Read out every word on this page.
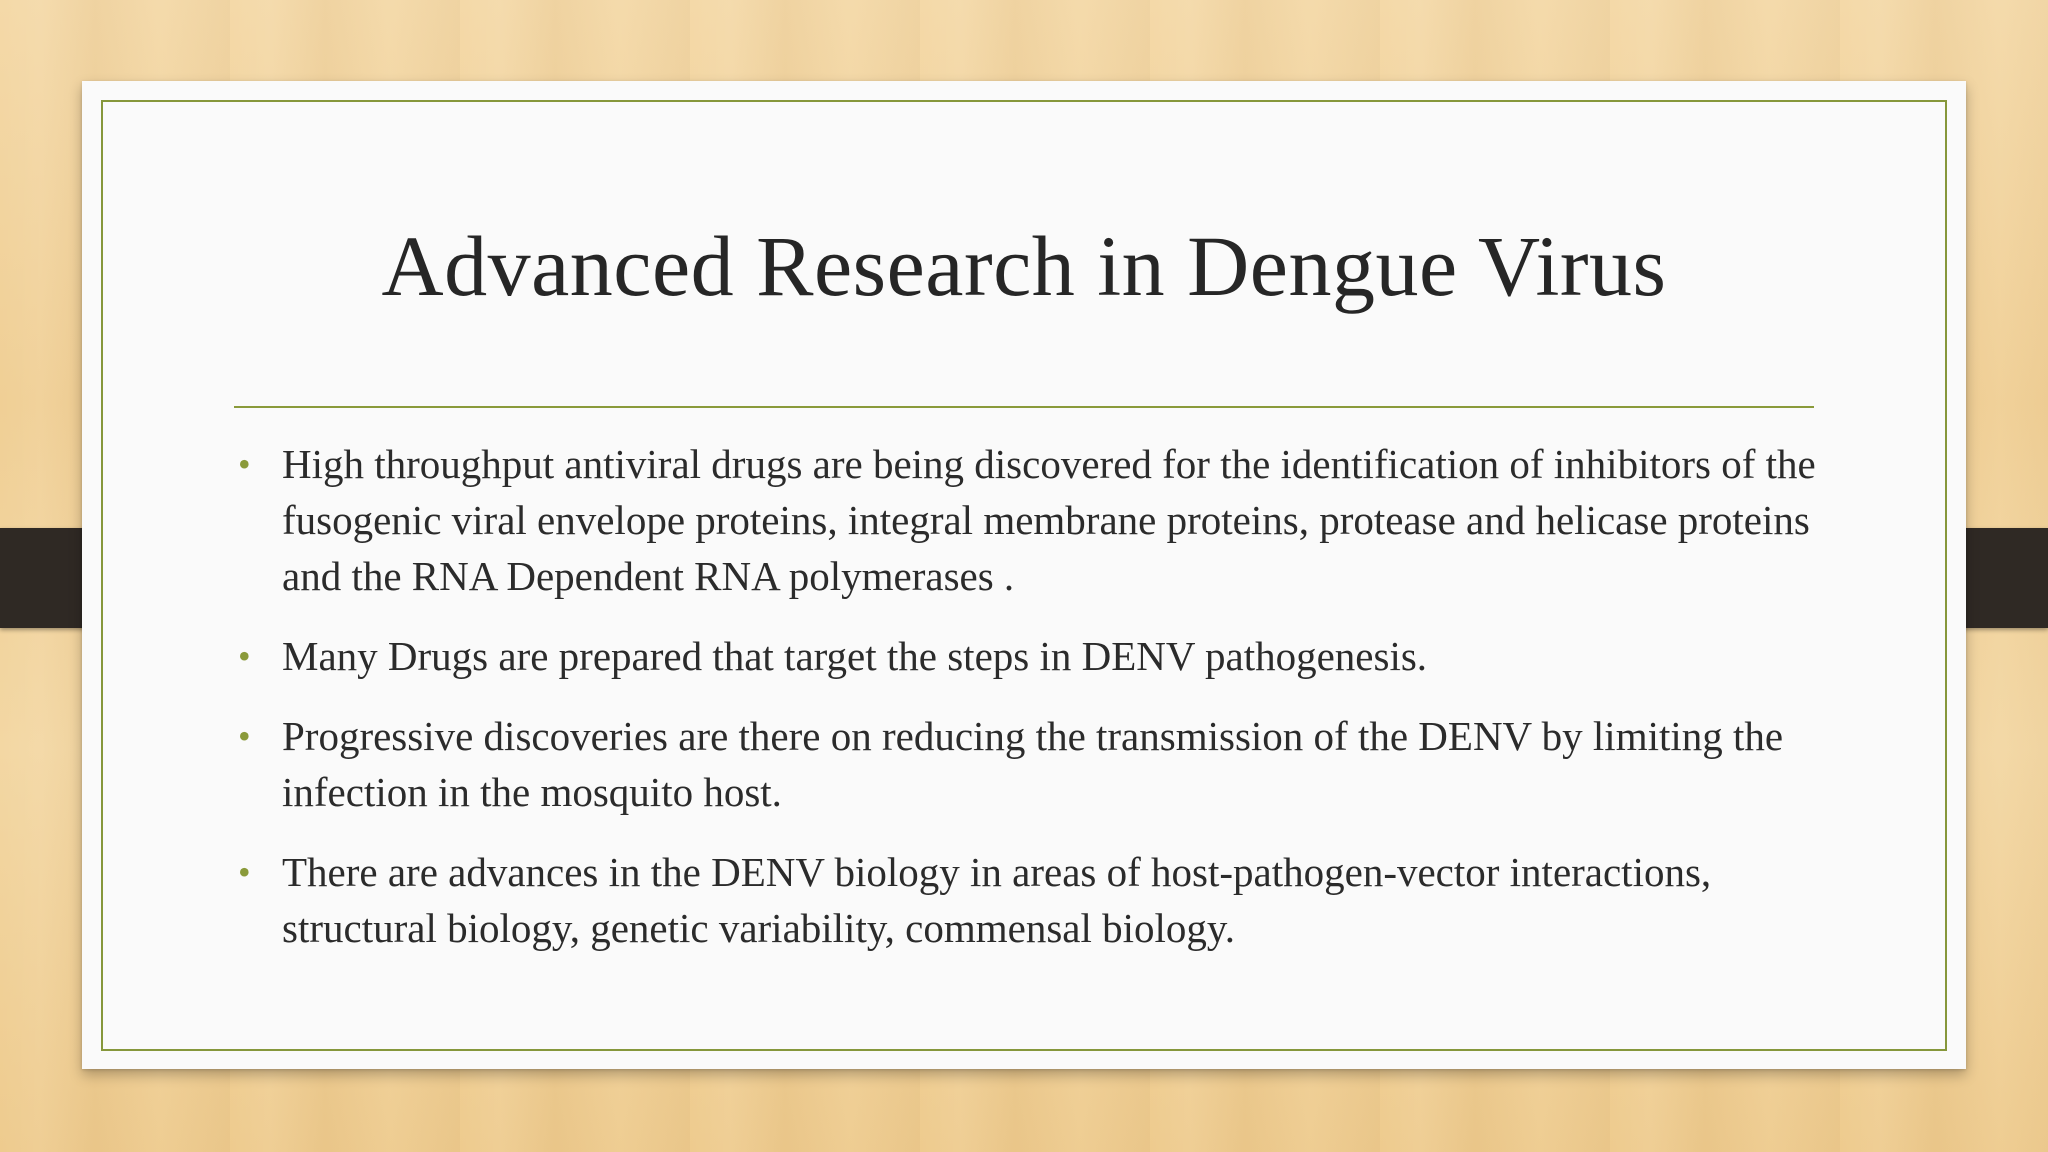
Advanced Research in Dengue Virus
• High throughput antiviral drugs are being discovered for the identification of inhibitors of the fusogenic viral envelope proteins, integral membrane proteins, protease and helicase proteins and the RNA Dependent RNA polymerases .
• Many Drugs are prepared that target the steps in DENV pathogenesis.
• Progressive discoveries are there on reducing the transmission of the DENV by limiting the infection in the mosquito host.
• There are advances in the DENV biology in areas of host-pathogen-vector interactions, structural biology, genetic variability, commensal biology.
